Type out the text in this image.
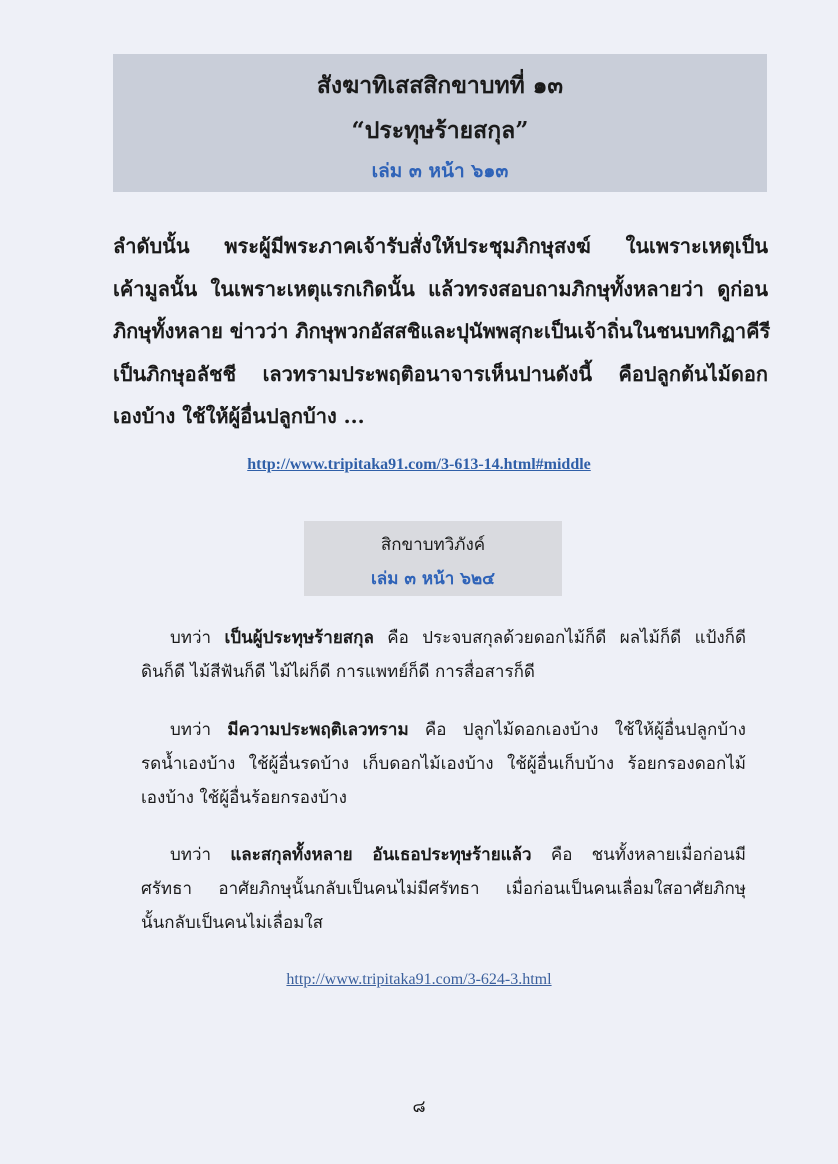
สังฆาทิเสสสิกขาบทที่ ๑๓
“ประทุษร้ายสกุล”
เล่ม ๓ หน้า ๖๑๓
ลำดับนั้น พระผู้มีพระภาคเจ้ารับสั่งให้ประชุมภิกษุสงฆ์ ในเพราะเหตุเป็น
เค้ามูลนั้น ในเพราะเหตุแรกเกิดนั้น แล้วทรงสอบถามภิกษุทั้งหลายว่า ดูก่อน
ภิกษุทั้งหลาย ข่าวว่า ภิกษุพวกอัสสชิและปุนัพพสุกะเป็นเจ้าถิ่นในชนบทกิฏาคีรี
เป็นภิกษุอลัชชี เลวทรามประพฤติอนาจารเห็นปานดังนี้ คือปลูกต้นไม้ดอก
เองบ้าง ใช้ให้ผู้อื่นปลูกบ้าง ...
http://www.tripitaka91.com/3-613-14.html#middle
สิกขาบทวิภังค์
เล่ม ๓ หน้า ๖๒๔
บทว่า เป็นผู้ประทุษร้ายสกุล คือ ประจบสกุลด้วยดอกไม้ก็ดี ผลไม้ก็ดี แป้งก็ดี
ดินก็ดี ไม้สีฟันก็ดี ไม้ไผ่ก็ดี การแพทย์ก็ดี การสื่อสารก็ดี
บทว่า มีความประพฤติเลวทราม คือ ปลูกไม้ดอกเองบ้าง ใช้ให้ผู้อื่นปลูกบ้าง
รดน้ำเองบ้าง ใช้ผู้อื่นรดบ้าง เก็บดอกไม้เองบ้าง ใช้ผู้อื่นเก็บบ้าง ร้อยกรองดอกไม้
เองบ้าง ใช้ผู้อื่นร้อยกรองบ้าง
บทว่า และสกุลทั้งหลาย อันเธอประทุษร้ายแล้ว คือ ชนทั้งหลายเมื่อก่อนมี
ศรัทธา อาศัยภิกษุนั้นกลับเป็นคนไม่มีศรัทธา เมื่อก่อนเป็นคนเลื่อมใสอาศัยภิกษุ
นั้นกลับเป็นคนไม่เลื่อมใส
http://www.tripitaka91.com/3-624-3.html
๘
